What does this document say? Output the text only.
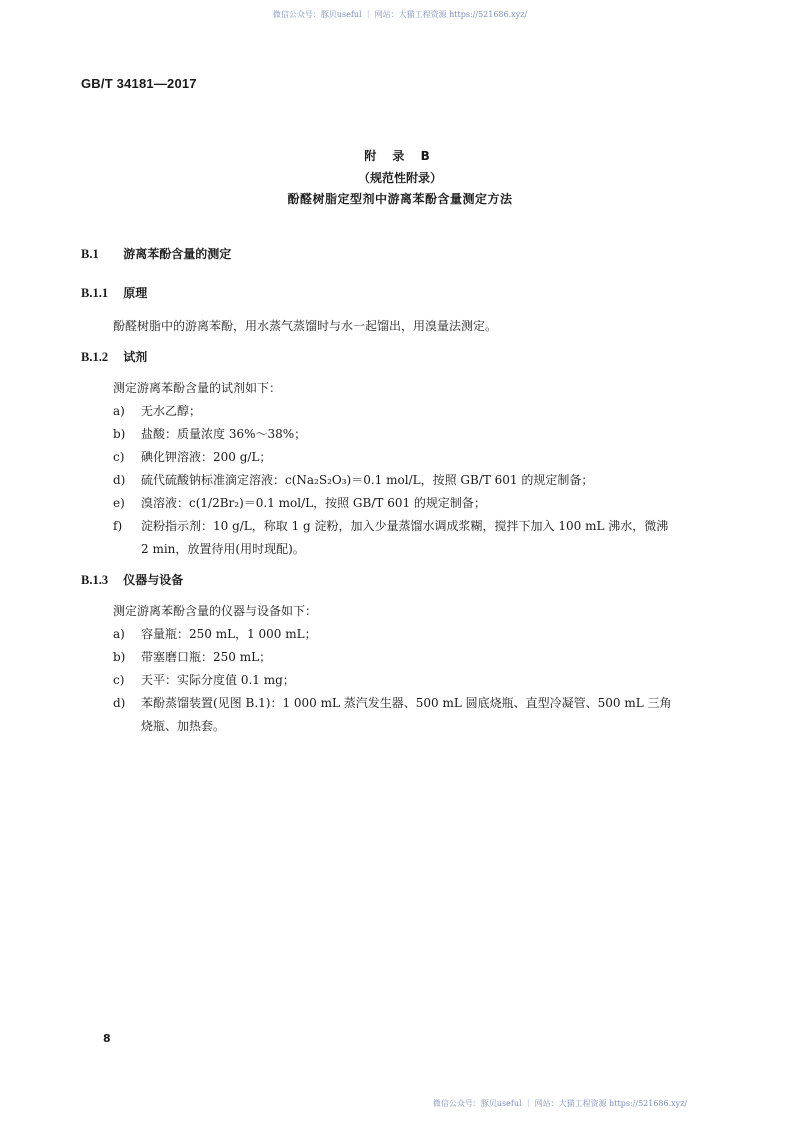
微信公众号：豚贝useful ｜ 网站：大猫工程资源 https://521686.xyz/
GB/T 34181—2017
附 录 B
（规范性附录）
酚醛树脂定型剂中游离苯酚含量测定方法
B.1 游离苯酚含量的测定
B.1.1 原理
酚醛树脂中的游离苯酚，用水蒸气蒸馏时与水一起馏出，用溴量法测定。
B.1.2 试剂
测定游离苯酚含量的试剂如下：
a) 无水乙醇；
b) 盐酸：质量浓度 36%～38%；
c) 碘化钾溶液：200 g/L；
d) 硫代硫酸钠标准滴定溶液：c(Na₂S₂O₃)＝0.1 mol/L，按照 GB/T 601 的规定制备；
e) 溴溶液：c(1/2Br₂)＝0.1 mol/L，按照 GB/T 601 的规定制备；
f) 淀粉指示剂：10 g/L，称取 1 g 淀粉，加入少量蒸馏水调成浆糊，搅拌下加入 100 mL 沸水，微沸
2 min，放置待用(用时现配)。
B.1.3 仪器与设备
测定游离苯酚含量的仪器与设备如下：
a) 容量瓶：250 mL，1 000 mL；
b) 带塞磨口瓶：250 mL；
c) 天平：实际分度值 0.1 mg；
d) 苯酚蒸馏装置(见图 B.1)：1 000 mL 蒸汽发生器、500 mL 圆底烧瓶、直型冷凝管、500 mL 三角
烧瓶、加热套。
8
微信公众号：豚贝useful ｜ 网站：大猫工程资源 https://521686.xyz/
